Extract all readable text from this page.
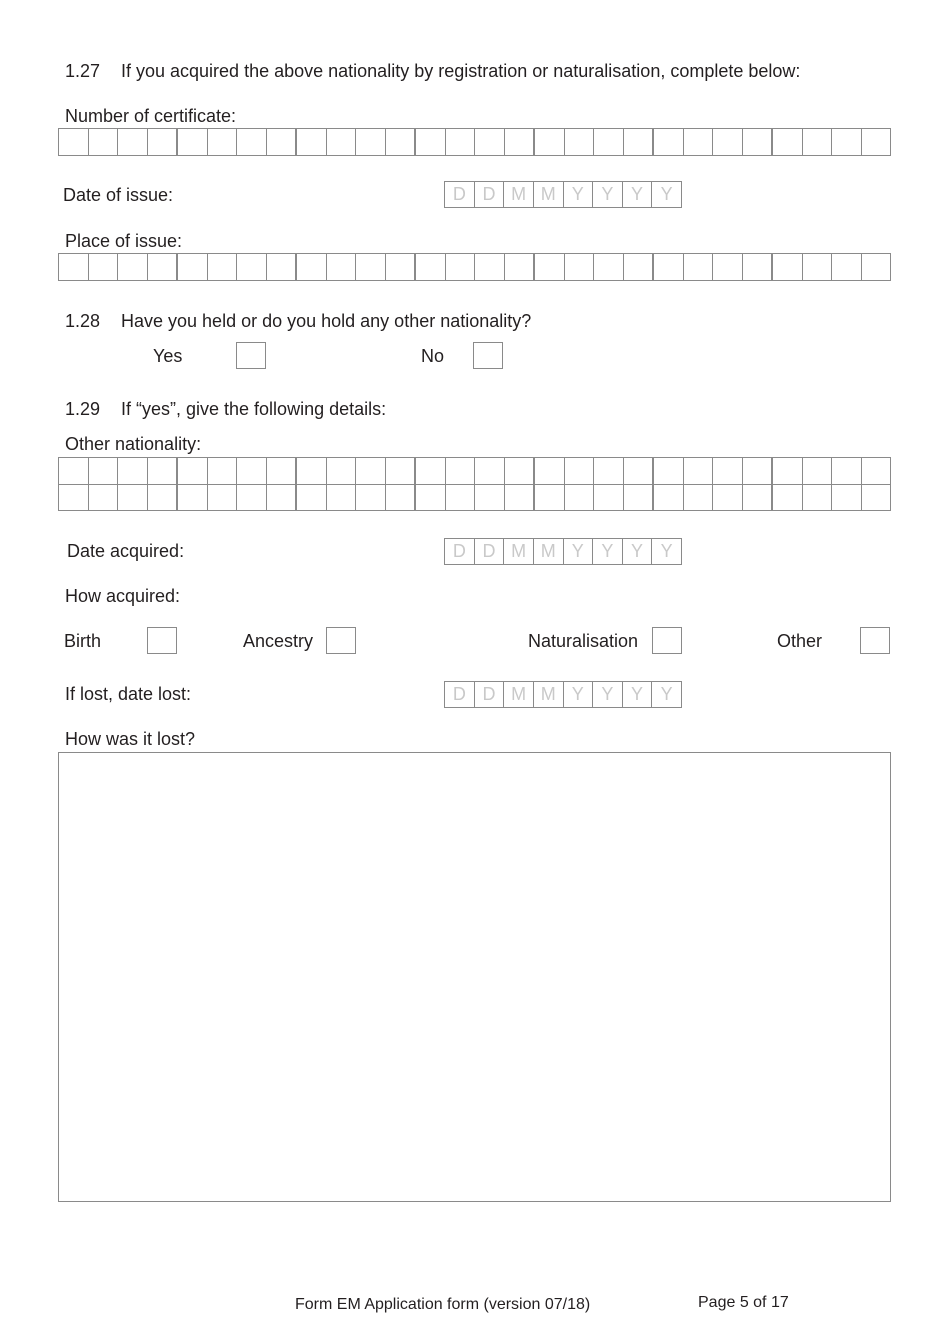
1.27 If you acquired the above nationality by registration or naturalisation, complete below:
Number of certificate:
Date of issue:	D D M M Y Y Y Y
Place of issue:
1.28 Have you held or do you hold any other nationality?
Yes	No
1.29 If “yes”, give the following details:
Other nationality:
Date acquired:	D D M M Y Y Y Y
How acquired:
Birth	Ancestry	Naturalisation	Other
If lost, date lost:	D D M M Y Y Y Y
How was it lost?
Form EM Application form (version 07/18)	Page 5 of 17
